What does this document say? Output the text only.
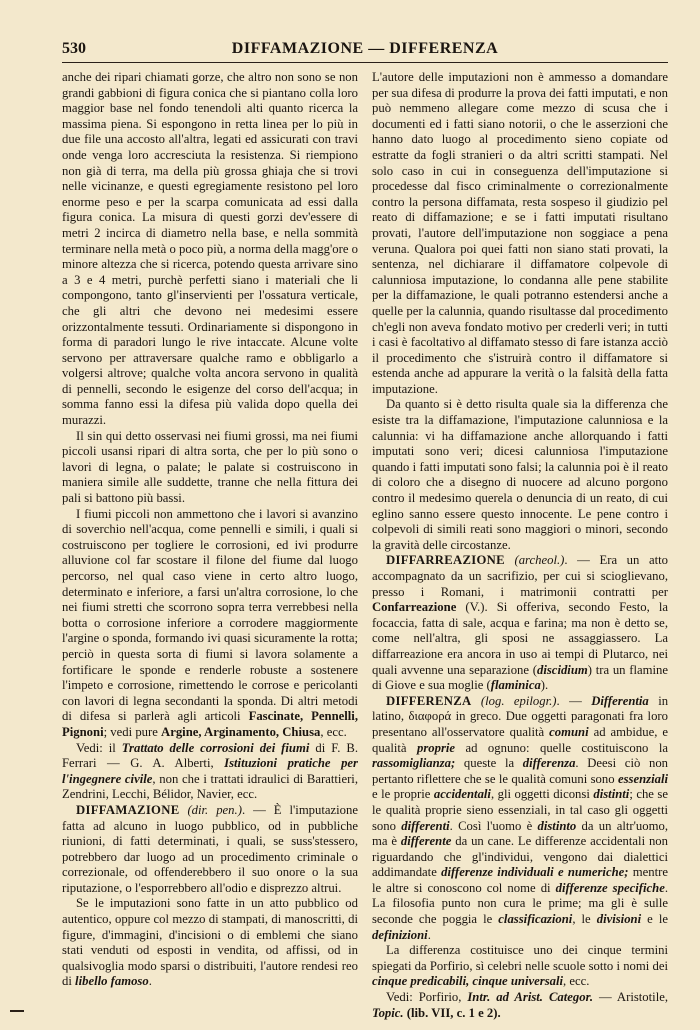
530	DIFFAMAZIONE — DIFFERENZA

anche dei ripari chiamati gorze, che altro non sono se non grandi gabbioni di figura conica che si piantano colla loro maggior base nel fondo tenendoli alti quanto ricerca la massima piena. Si espongono in retta linea per lo più in due file una accosto all'altra, legati ed assicurati con travi onde venga loro accresciuta la resistenza. Si riempiono non già di terra, ma della più grossa ghiaja che si trovi nelle vicinanze, e questi egregiamente resistono pel loro enorme peso e per la scarpa comunicata ad essi dalla figura conica. La misura di questi gorzi dev'essere di metri 2 incirca di diametro nella base, e nella sommità terminare nella metà o poco più, a norma della magg'ore o minore altezza che si ricerca, potendo questa arrivare sino a 3 e 4 metri, purchè perfetti siano i materiali che li compongono, tanto gl'inservienti per l'ossatura verticale, che gli altri che devono nei medesimi essere orizzontalmente tessuti. Ordinariamente si dispongono in forma di paradori lungo le rive intaccate. Alcune volte servono per attraversare qualche ramo e obbligarlo a volgersi altrove; qualche volta ancora servono in qualità di pennelli, secondo le esigenze del corso dell'acqua; in somma fanno essi la difesa più valida dopo quella dei murazzi.

Il sin qui detto osservasi nei fiumi grossi, ma nei fiumi piccoli usansi ripari di altra sorta, che per lo più sono o lavori di legna, o palate; le palate si costruiscono in maniera simile alle suddette, tranne che nella fittura dei pali si battono più bassi.

I fiumi piccoli non ammettono che i lavori si avanzino di soverchio nell'acqua, come pennelli e simili, i quali si costruiscono per togliere le corrosioni, ed ivi produrre alluvione col far scostare il filone del fiume dal luogo percorso, nel qual caso viene in certo altro luogo, determinato e inferiore, a farsi un'altra corrosione, lo che nei fiumi stretti che scorrono sopra terra verrebbesi nella botta o corrosione inferiore a corrodere maggiormente l'argine o sponda, formando ivi quasi sicuramente la rotta; perciò in questa sorta di fiumi si lavora solamente a fortificare le sponde e renderle robuste a sostenere l'impeto e corrosione, rimettendo le corrose e pericolanti con lavori di legna secondanti la sponda. Di altri metodi di difesa si parlerà agli articoli Fascinate, Pennelli, Pignoni; vedi pure Argine, Arginamento, Chiusa, ecc.

Vedi: il Trattato delle corrosioni dei fiumi di F. B. Ferrari — G. A. Alberti, Istituzioni pratiche per l'ingegnere civile, non che i trattati idraulici di Barattieri, Zendrini, Lecchi, Bélidor, Navier, ecc.

DIFFAMAZIONE (dir. pen.). — È l'imputazione fatta ad alcuno in luogo pubblico, od in pubbliche riunioni, di fatti determinati, i quali, se suss'stessero, potrebbero dar luogo ad un procedimento criminale o correzionale, od offenderebbero il suo onore o la sua riputazione, o l'esporrebbero all'odio e disprezzo altrui.

Se le imputazioni sono fatte in un atto pubblico od autentico, oppure col mezzo di stampati, di manoscritti, di figure, d'immagini, d'incisioni o di emblemi che siano stati venduti od esposti in vendita, od affissi, od in qualsivoglia modo sparsi o distribuiti, l'autore rendesi reo di libello famoso.

L'autore delle imputazioni non è ammesso a domandare per sua difesa di produrre la prova dei fatti imputati, e non può nemmeno allegare come mezzo di scusa che i documenti ed i fatti siano notorii, o che le asserzioni che hanno dato luogo al procedimento sieno copiate od estratte da fogli stranieri o da altri scritti stampati. Nel solo caso in cui in conseguenza dell'imputazione si procedesse dal fisco criminalmente o correzionalmente contro la persona diffamata, resta sospeso il giudizio pel reato di diffamazione; e se i fatti imputati risultano provati, l'autore dell'imputazione non soggiace a pena veruna. Qualora poi quei fatti non siano stati provati, la sentenza, nel dichiarare il diffamatore colpevole di calunniosa imputazione, lo condanna alle pene stabilite per la diffamazione, le quali potranno estendersi anche a quelle per la calunnia, quando risultasse dal procedimento ch'egli non aveva fondato motivo per crederli veri; in tutti i casi è facoltativo al diffamato stesso di fare istanza acciò il procedimento che s'istruirà contro il diffamatore si estenda anche ad appurare la verità o la falsità della fatta imputazione.

Da quanto si è detto risulta quale sia la differenza che esiste tra la diffamazione, l'imputazione calunniosa e la calunnia: vi ha diffamazione anche allorquando i fatti imputati sono veri; dicesi calunniosa l'imputazione quando i fatti imputati sono falsi; la calunnia poi è il reato di coloro che a disegno di nuocere ad alcuno porgono contro il medesimo querela o denuncia di un reato, di cui eglino sanno essere questo innocente. Le pene contro i colpevoli di simili reati sono maggiori o minori, secondo la gravità delle circostanze.

DIFFARREAZIONE (archeol.). — Era un atto accompagnato da un sacrifizio, per cui si scioglievano, presso i Romani, i matrimonii contratti per Confarreazione (V.). Si offeriva, secondo Festo, la focaccia, fatta di sale, acqua e farina; ma non è detto se, come nell'altra, gli sposi ne assaggiassero. La diffarreazione era ancora in uso ai tempi di Plutarco, nei quali avvenne una separazione (discidium) tra un flamine di Giove e sua moglie (flaminica).

DIFFERENZA (log. epilogr.). — Differentia in latino, διαφορά in greco. Due oggetti paragonati fra loro presentano all'osservatore qualità comuni ad ambidue, e qualità proprie ad ognuno: quelle costituiscono la rassomiglianza; queste la differenza. Deesi ciò non pertanto riflettere che se le qualità comuni sono essenziali e le proprie accidentali, gli oggetti diconsi distinti; che se le qualità proprie sieno essenziali, in tal caso gli oggetti sono differenti. Così l'uomo è distinto da un altr'uomo, ma è differente da un cane. Le differenze accidentali non riguardando che gl'individui, vengono dai dialettici addimandate differenze individuali e numeriche; mentre le altre si conoscono col nome di differenze specifiche. La filosofia punto non cura le prime; ma gli è sulle seconde che poggia le classificazioni, le divisioni e le definizioni.

La differenza costituisce uno dei cinque termini spiegati da Porfirio, sì celebri nelle scuole sotto i nomi dei cinque predicabili, cinque universali, ecc.

Vedi: Porfirio, Intr. ad Arist. Categor. — Aristotile, Topic. (lib. VII, c. 1 e 2).
